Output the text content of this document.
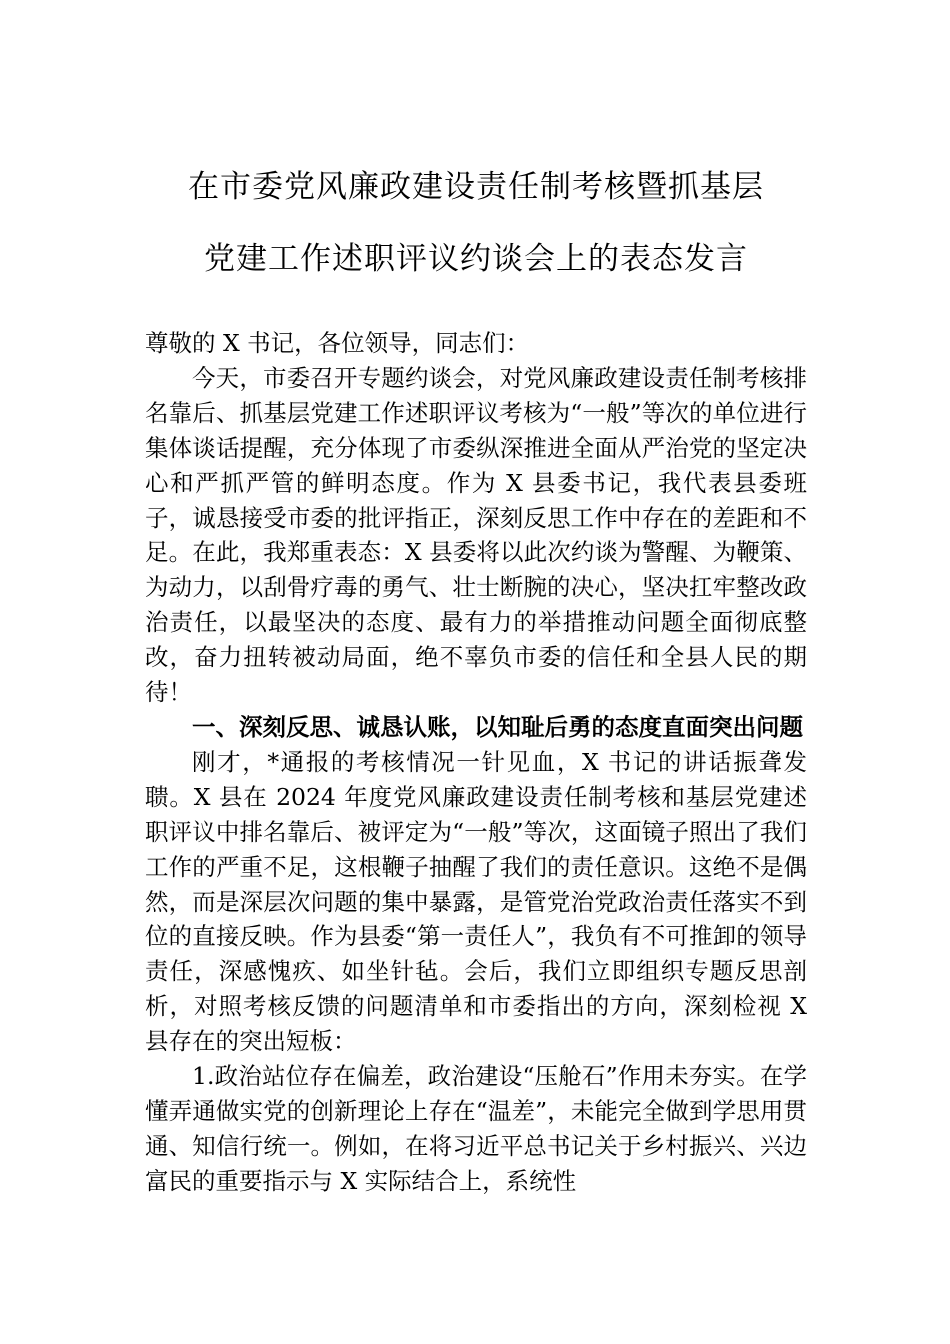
在市委党风廉政建设责任制考核暨抓基层
党建工作述职评议约谈会上的表态发言

尊敬的 X 书记，各位领导，同志们：

今天，市委召开专题约谈会，对党风廉政建设责任制考核排名靠后、抓基层党建工作述职评议考核为“一般”等次的单位进行集体谈话提醒，充分体现了市委纵深推进全面从严治党的坚定决心和严抓严管的鲜明态度。作为 X 县委书记，我代表县委班子，诚恳接受市委的批评指正，深刻反思工作中存在的差距和不足。在此，我郑重表态：X 县委将以此次约谈为警醒、为鞭策、为动力，以刮骨疗毒的勇气、壮士断腕的决心，坚决扛牢整改政治责任，以最坚决的态度、最有力的举措推动问题全面彻底整改，奋力扭转被动局面，绝不辜负市委的信任和全县人民的期待！

一、深刻反思、诚恳认账，以知耻后勇的态度直面突出问题

刚才，*通报的考核情况一针见血，X 书记的讲话振聋发聩。X 县在 2024 年度党风廉政建设责任制考核和基层党建述职评议中排名靠后、被评定为“一般”等次，这面镜子照出了我们工作的严重不足，这根鞭子抽醒了我们的责任意识。这绝不是偶然，而是深层次问题的集中暴露，是管党治党政治责任落实不到位的直接反映。作为县委“第一责任人”，我负有不可推卸的领导责任，深感愧疚、如坐针毡。会后，我们立即组织专题反思剖析，对照考核反馈的问题清单和市委指出的方向，深刻检视 X 县存在的突出短板：

1.政治站位存在偏差，政治建设“压舱石”作用未夯实。在学懂弄通做实党的创新理论上存在“温差”，未能完全做到学思用贯通、知信行统一。例如，在将习近平总书记关于乡村振兴、兴边富民的重要指示与 X 实际结合上，系统性
